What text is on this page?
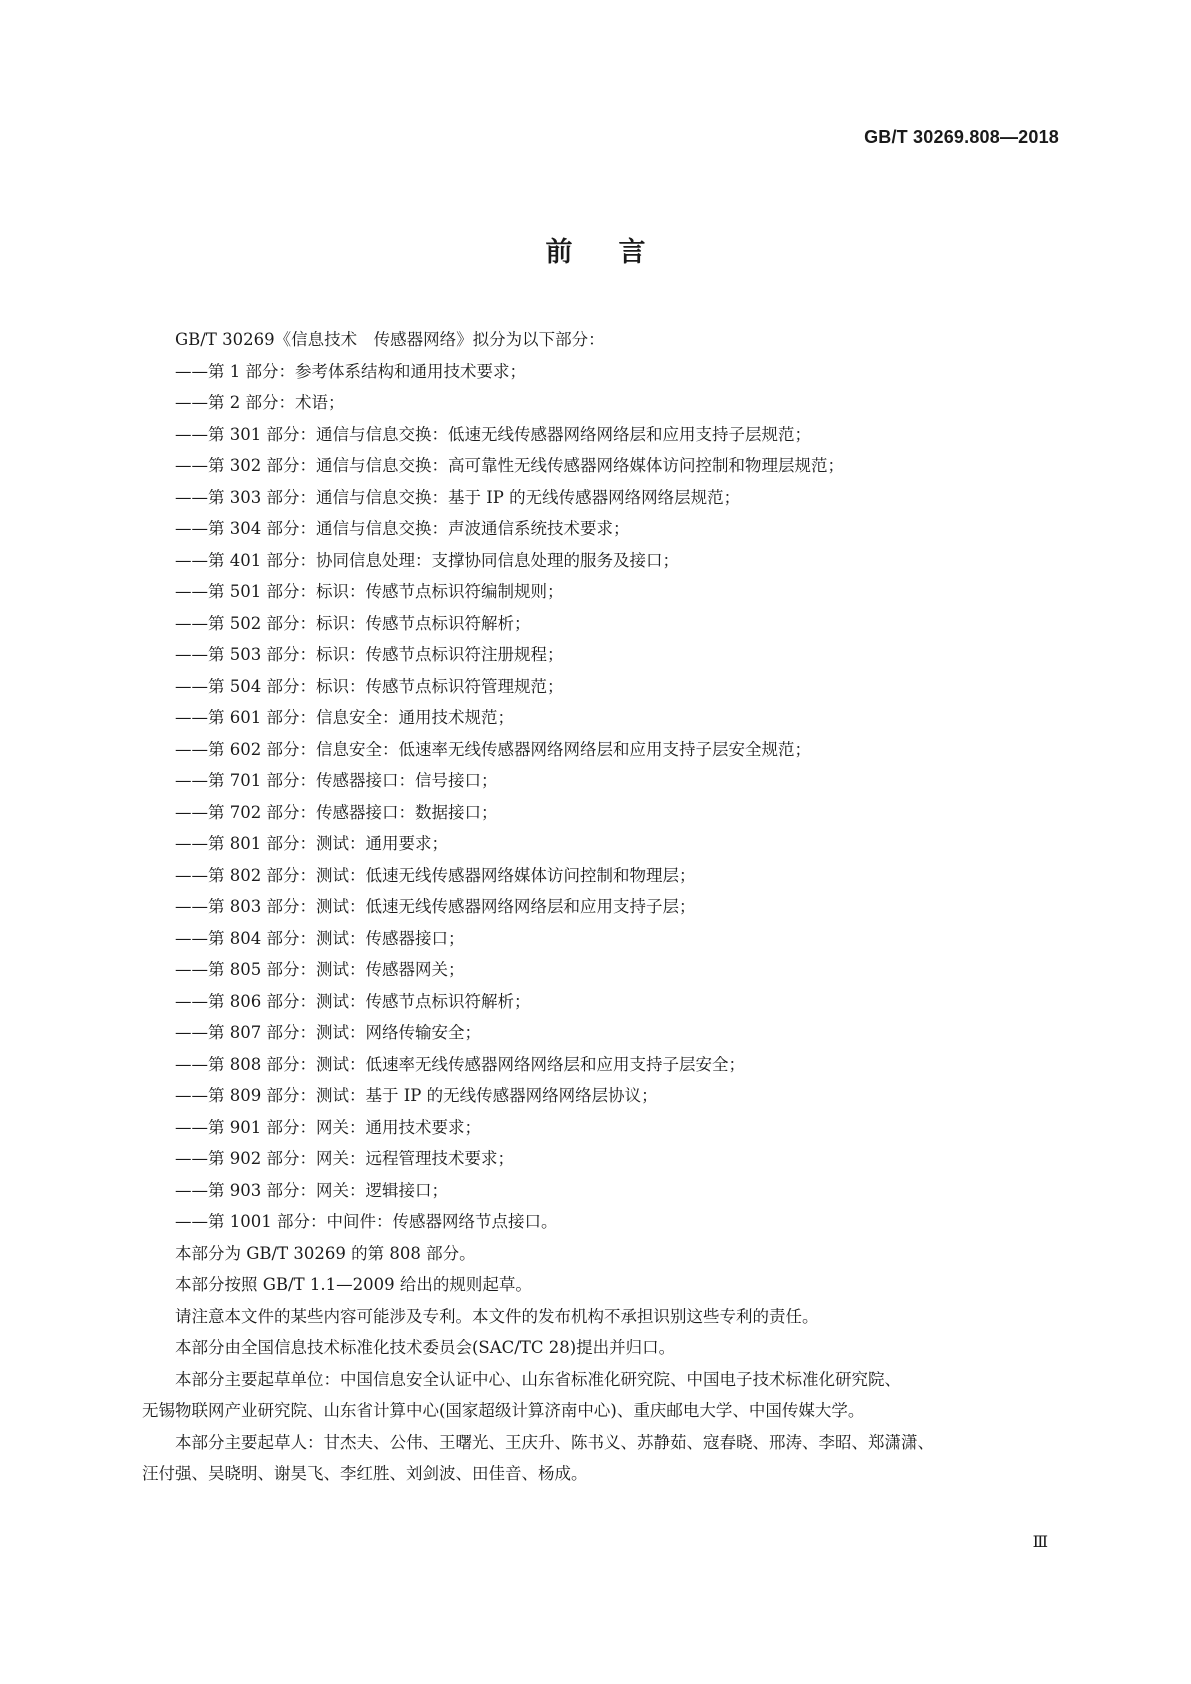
GB/T 30269.808—2018
前言

GB/T 30269《信息技术　传感器网络》拟分为以下部分：

——第 1 部分：参考体系结构和通用技术要求；

——第 2 部分：术语；

——第 301 部分：通信与信息交换：低速无线传感器网络网络层和应用支持子层规范；

——第 302 部分：通信与信息交换：高可靠性无线传感器网络媒体访问控制和物理层规范；

——第 303 部分：通信与信息交换：基于 IP 的无线传感器网络网络层规范；

——第 304 部分：通信与信息交换：声波通信系统技术要求；

——第 401 部分：协同信息处理：支撑协同信息处理的服务及接口；

——第 501 部分：标识：传感节点标识符编制规则；

——第 502 部分：标识：传感节点标识符解析；

——第 503 部分：标识：传感节点标识符注册规程；

——第 504 部分：标识：传感节点标识符管理规范；

——第 601 部分：信息安全：通用技术规范；

——第 602 部分：信息安全：低速率无线传感器网络网络层和应用支持子层安全规范；

——第 701 部分：传感器接口：信号接口；

——第 702 部分：传感器接口：数据接口；

——第 801 部分：测试：通用要求；

——第 802 部分：测试：低速无线传感器网络媒体访问控制和物理层；

——第 803 部分：测试：低速无线传感器网络网络层和应用支持子层；

——第 804 部分：测试：传感器接口；

——第 805 部分：测试：传感器网关；

——第 806 部分：测试：传感节点标识符解析；

——第 807 部分：测试：网络传输安全；

——第 808 部分：测试：低速率无线传感器网络网络层和应用支持子层安全；

——第 809 部分：测试：基于 IP 的无线传感器网络网络层协议；

——第 901 部分：网关：通用技术要求；

——第 902 部分：网关：远程管理技术要求；

——第 903 部分：网关：逻辑接口；

——第 1001 部分：中间件：传感器网络节点接口。

本部分为 GB/T 30269 的第 808 部分。

本部分按照 GB/T 1.1—2009 给出的规则起草。

请注意本文件的某些内容可能涉及专利。本文件的发布机构不承担识别这些专利的责任。

本部分由全国信息技术标准化技术委员会(SAC/TC 28)提出并归口。

本部分主要起草单位：中国信息安全认证中心、山东省标准化研究院、中国电子技术标准化研究院、

无锡物联网产业研究院、山东省计算中心(国家超级计算济南中心)、重庆邮电大学、中国传媒大学。

本部分主要起草人：甘杰夫、公伟、王曙光、王庆升、陈书义、苏静茹、寇春晓、邢涛、李昭、郑潇潇、

汪付强、吴晓明、谢昊飞、李红胜、刘剑波、田佳音、杨成。

Ⅲ
